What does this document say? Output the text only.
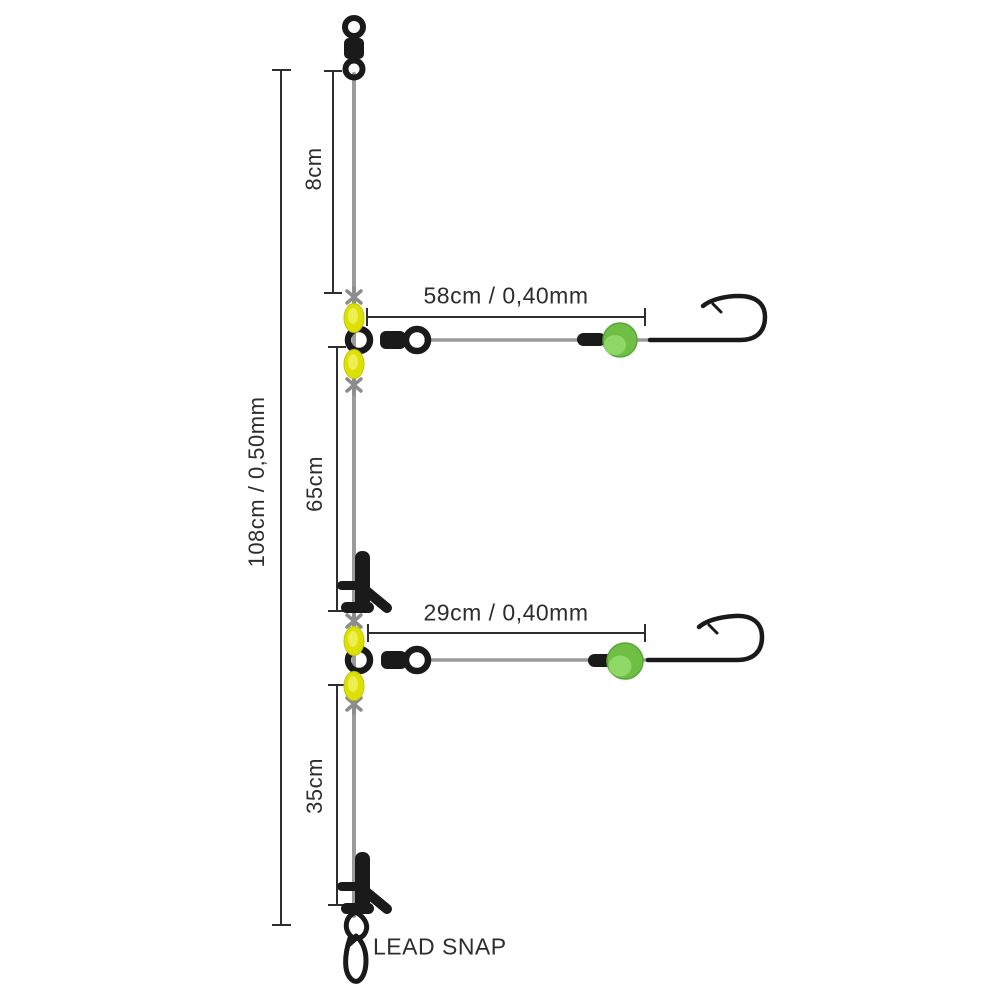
108cm / 0,50mm
8cm
65cm
35cm
58cm / 0,40mm
29cm / 0,40mm
LEAD SNAP
